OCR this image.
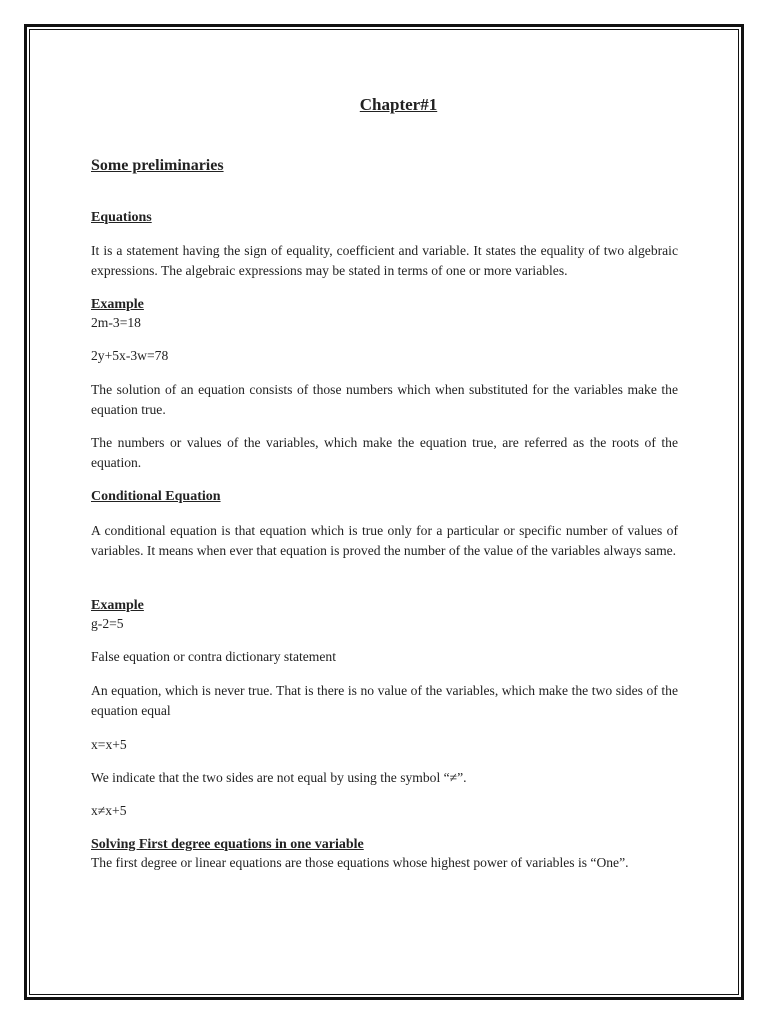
Chapter#1
Some preliminaries
Equations
It is a statement having the sign of equality, coefficient and variable. It states the equality of two algebraic expressions. The algebraic expressions may be stated in terms of one or more variables.
Example
2m-3=18
2y+5x-3w=78
The solution of an equation consists of those numbers which when substituted for the variables make the equation true.
The numbers or values of the variables, which make the equation true, are referred as the roots of the equation.
Conditional Equation
A conditional equation is that equation which is true only for a particular or specific number of values of variables. It means when ever that equation is proved the number of the value of the variables always same.
Example
g-2=5
False equation or contra dictionary statement
An equation, which is never true. That is there is no value of the variables, which make the two sides of the equation equal
x=x+5
We indicate that the two sides are not equal by using the symbol “≠”.
x≠x+5
Solving First degree equations in one variable
The first degree or linear equations are those equations whose highest power of variables is “One”.
